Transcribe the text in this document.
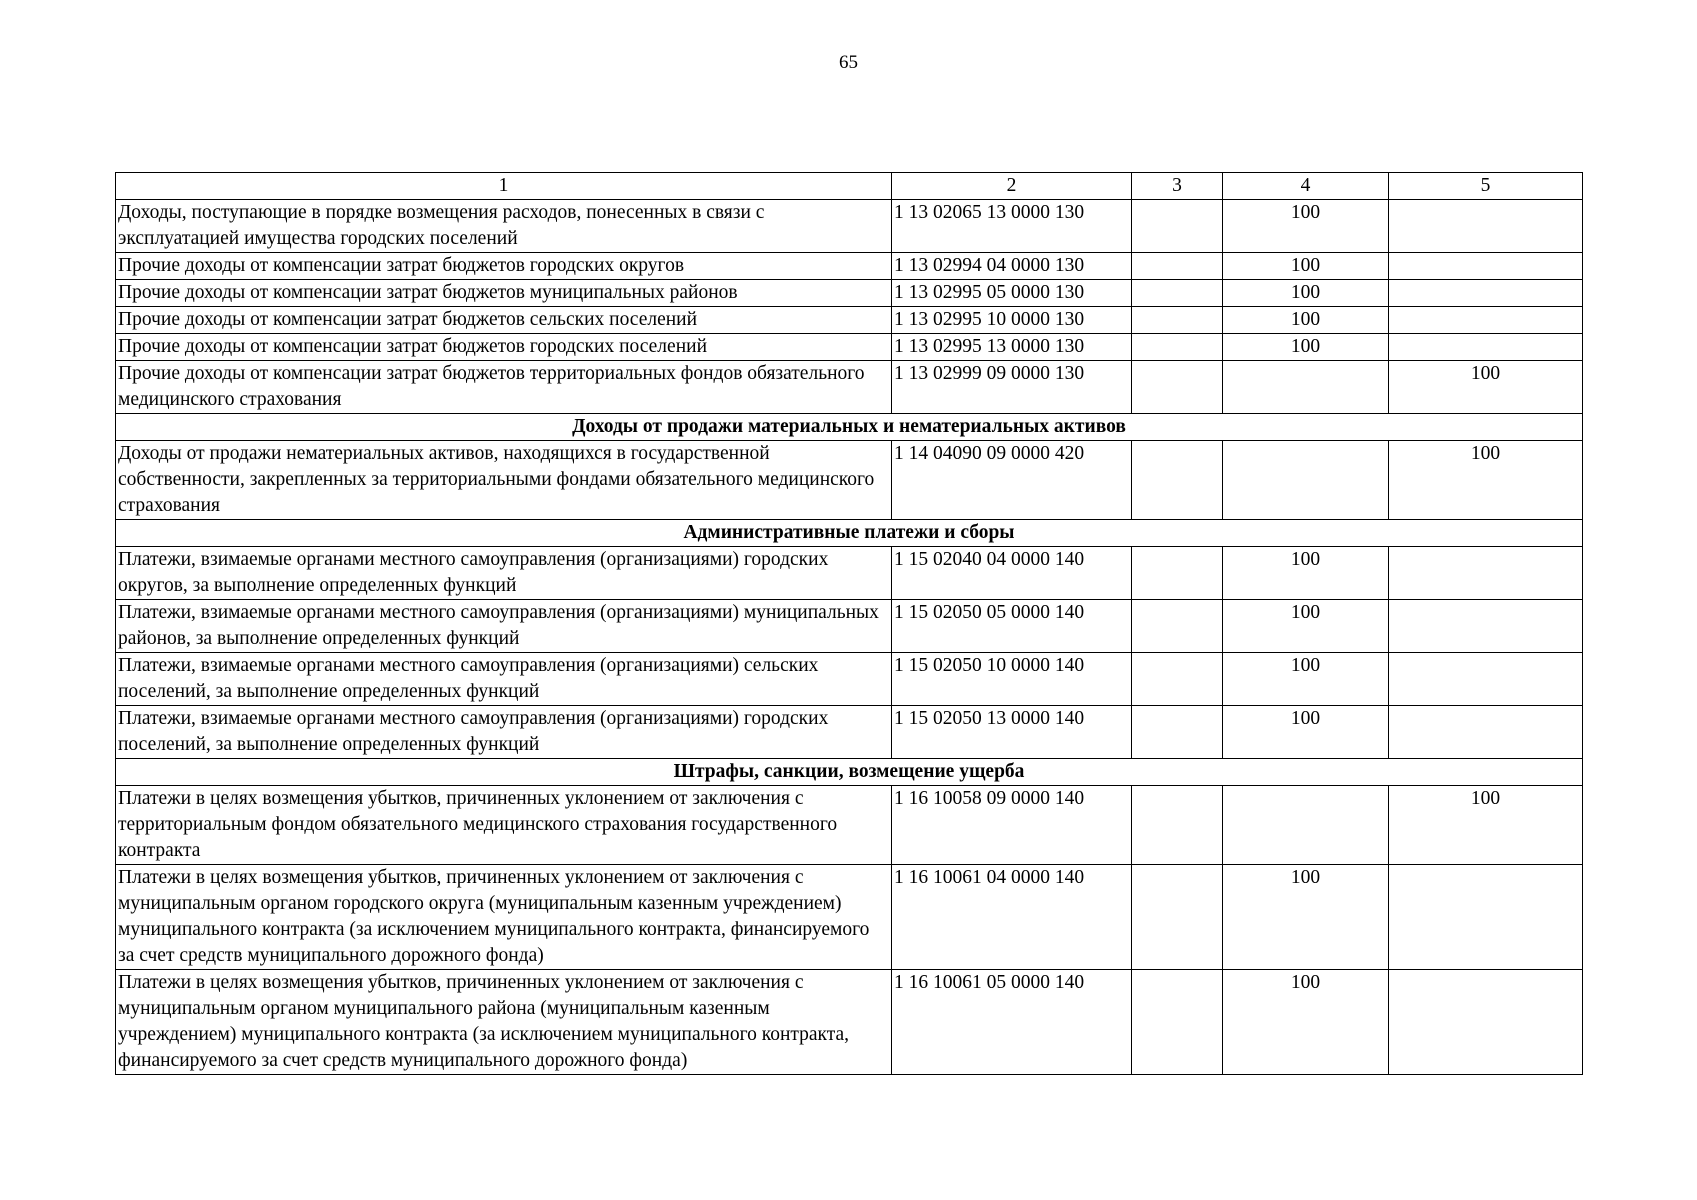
65
1	2	3	4	5
Доходы, поступающие в порядке возмещения расходов, понесенных в связи с эксплуатацией имущества городских поселений	1 13 02065 13 0000 130		100	
Прочие доходы от компенсации затрат бюджетов городских округов	1 13 02994 04 0000 130		100	
Прочие доходы от компенсации затрат бюджетов муниципальных районов	1 13 02995 05 0000 130		100	
Прочие доходы от компенсации затрат бюджетов сельских поселений	1 13 02995 10 0000 130		100	
Прочие доходы от компенсации затрат бюджетов городских поселений	1 13 02995 13 0000 130		100	
Прочие доходы от компенсации затрат бюджетов территориальных фондов обязательного медицинского страхования	1 13 02999 09 0000 130			100
Доходы от продажи материальных и нематериальных активов				
Доходы от продажи нематериальных активов, находящихся в государственной собственности, закрепленных за территориальными фондами обязательного медицинского страхования	1 14 04090 09 0000 420			100
Административные платежи и сборы				
Платежи, взимаемые органами местного самоуправления (организациями) городских округов, за выполнение определенных функций	1 15 02040 04 0000 140		100	
Платежи, взимаемые органами местного самоуправления (организациями) муниципальных районов, за выполнение определенных функций	1 15 02050 05 0000 140		100	
Платежи, взимаемые органами местного самоуправления (организациями) сельских поселений, за выполнение определенных функций	1 15 02050 10 0000 140		100	
Платежи, взимаемые органами местного самоуправления (организациями) городских поселений, за выполнение определенных функций	1 15 02050 13 0000 140		100	
Штрафы, санкции, возмещение ущерба				
Платежи в целях возмещения убытков, причиненных уклонением от заключения с территориальным фондом обязательного медицинского страхования государственного контракта	1 16 10058 09 0000 140			100
Платежи в целях возмещения убытков, причиненных уклонением от заключения с муниципальным органом городского округа (муниципальным казенным учреждением) муниципального контракта (за исключением муниципального контракта, финансируемого за счет средств муниципального дорожного фонда)	1 16 10061 04 0000 140		100	
Платежи в целях возмещения убытков, причиненных уклонением от заключения с муниципальным органом муниципального района (муниципальным казенным учреждением) муниципального контракта (за исключением муниципального контракта, финансируемого за счет средств муниципального дорожного фонда)	1 16 10061 05 0000 140		100	
